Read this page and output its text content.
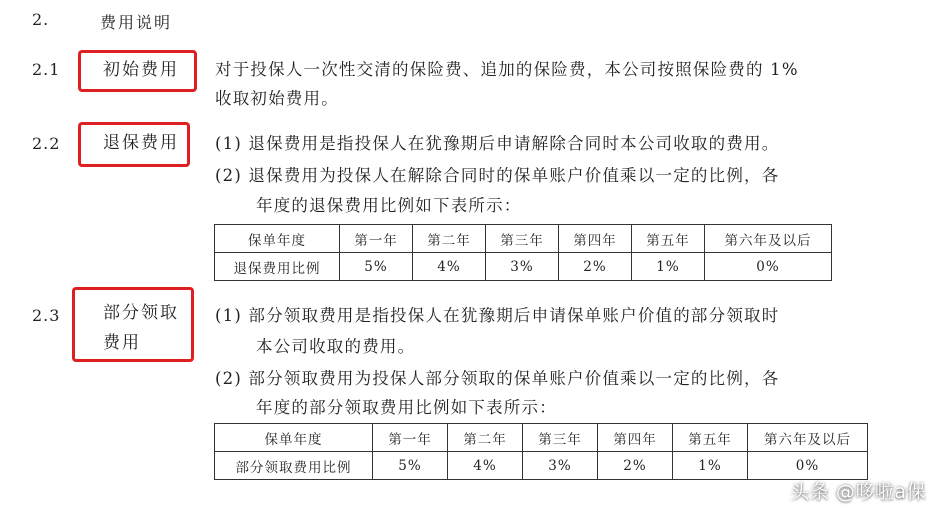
2.	费用说明
2.1	初始费用 对于投保人一次性交清的保险费、追加的保险费，本公司按照保险费的 1%
收取初始费用。
2.2	退保费用 (1) 退保费用是指投保人在犹豫期后申请解除合同时本公司收取的费用。
(2) 退保费用为投保人在解除合同时的保单账户价值乘以一定的比例，各
年度的退保费用比例如下表所示：
保单年度	第一年	第二年	第三年	第四年	第五年	第六年及以后
退保费用比例	5%	4%	3%	2%	1%	0%
2.3	部分领取
费用
(1) 部分领取费用是指投保人在犹豫期后申请保单账户价值的部分领取时
本公司收取的费用。
(2) 部分领取费用为投保人部分领取的保单账户价值乘以一定的比例，各
年度的部分领取费用比例如下表所示：
保单年度	第一年	第二年	第三年	第四年	第五年	第六年及以后
部分领取费用比例	5%	4%	3%	2%	1%	0%
头条 @哆啦a保
